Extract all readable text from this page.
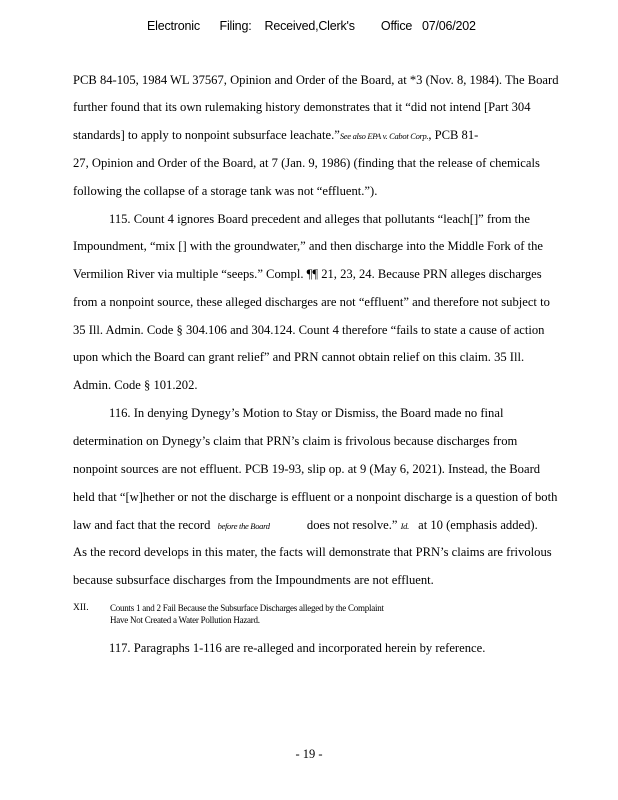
Electronic      Filing:    Received,Clerk's        Office   07/06/202
PCB 84-105, 1984 WL 37567, Opinion and Order of the Board, at *3 (Nov. 8, 1984). The Board
further found that its own rulemaking history demonstrates that it “did not intend [Part 304
standards] to apply to nonpoint subsurface leachate.”See also EPA v. Cabot Corp., PCB 81-
27, Opinion and Order of the Board, at 7 (Jan. 9, 1986) (finding that the release of chemicals
following the collapse of a storage tank was not “effluent.”).
115. Count 4 ignores Board precedent and alleges that pollutants “leach[]” from the
Impoundment, “mix [] with the groundwater,” and then discharge into the Middle Fork of the
Vermilion River via multiple “seeps.” Compl. ¶¶ 21, 23, 24. Because PRN alleges discharges
from a nonpoint source, these alleged discharges are not “effluent” and therefore not subject to
35 Ill. Admin. Code § 304.106 and 304.124. Count 4 therefore “fails to state a cause of action
upon which the Board can grant relief” and PRN cannot obtain relief on this claim. 35 Ill.
Admin. Code § 101.202.
116. In denying Dynegy’s Motion to Stay or Dismiss, the Board made no final
determination on Dynegy’s claim that PRN’s claim is frivolous because discharges from
nonpoint sources are not effluent. PCB 19-93, slip op. at 9 (May 6, 2021). Instead, the Board
held that “[w]hether or not the discharge is effluent or a nonpoint discharge is a question of both
law and fact that the record before the Board	does not resolve.” Id. at 10 (emphasis added).
As the record develops in this mater, the facts will demonstrate that PRN’s claims are frivolous
because subsurface discharges from the Impoundments are not effluent.
XII. Counts 1 and 2 Fail Because the Subsurface Discharges alleged by the Complaint
Have Not Created a Water Pollution Hazard.
117. Paragraphs 1-116 are re-alleged and incorporated herein by reference.
- 19 -
